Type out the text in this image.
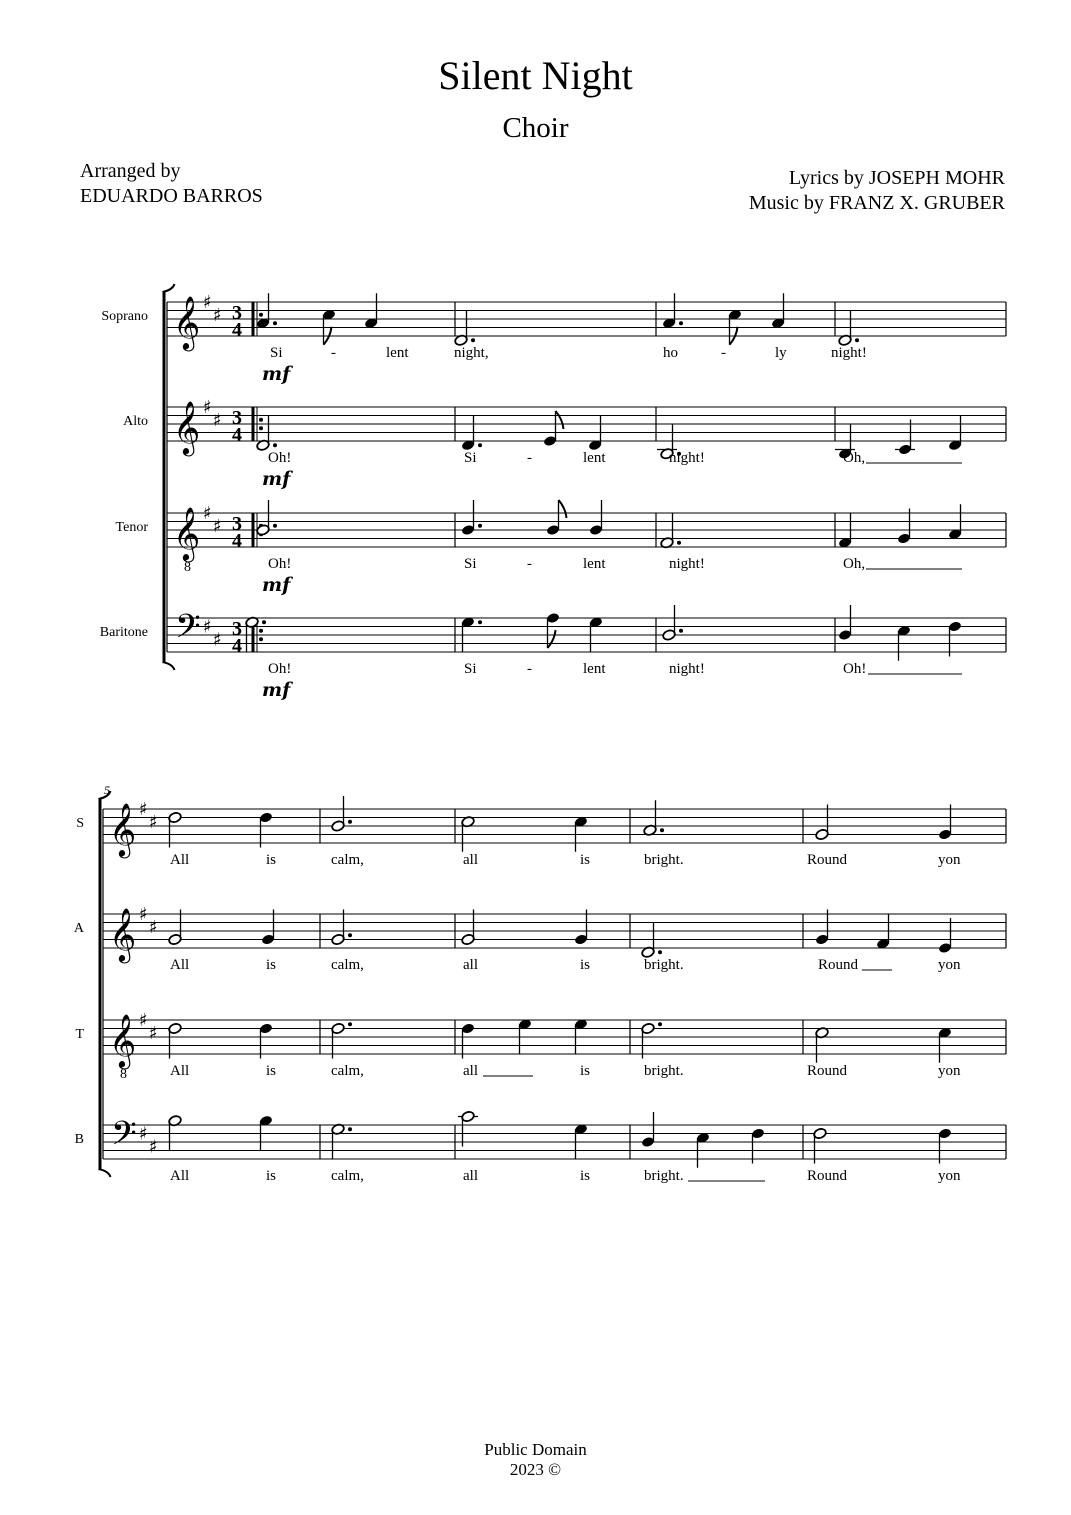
Silent Night
Choir
Arranged by
EDUARDO BARROS
Lyrics by JOSEPH MOHR
Music by FRANZ X. GRUBER
Soprano 𝄞 ♯
♯ 3
4
Si	-	lent	night,	ho	-	ly	night!
mf
Alto 𝄞 ♯
♯ 3
4
Oh!	Si	-	lent	night!	Oh,
mf
Tenor 𝄞
8
♯
♯ 3
4
Oh!	Si	-	lent	night!	Oh,
mf
Baritone 𝄢 ♯
♯ 3
4
Oh!	Si	-	lent	night!	Oh!
mf
5
S 𝄞 ♯
♯
All	is	calm,	all	is	bright.	Round	yon
A 𝄞 ♯
♯
All	is	calm,	all	is	bright.	Round	yon
T 𝄞
8
♯
♯
All	is	calm,	all	is	bright.	Round	yon
B 𝄢 ♯
♯
All	is	calm,	all	is	bright.	Round	yon
Public Domain
2023 ©
